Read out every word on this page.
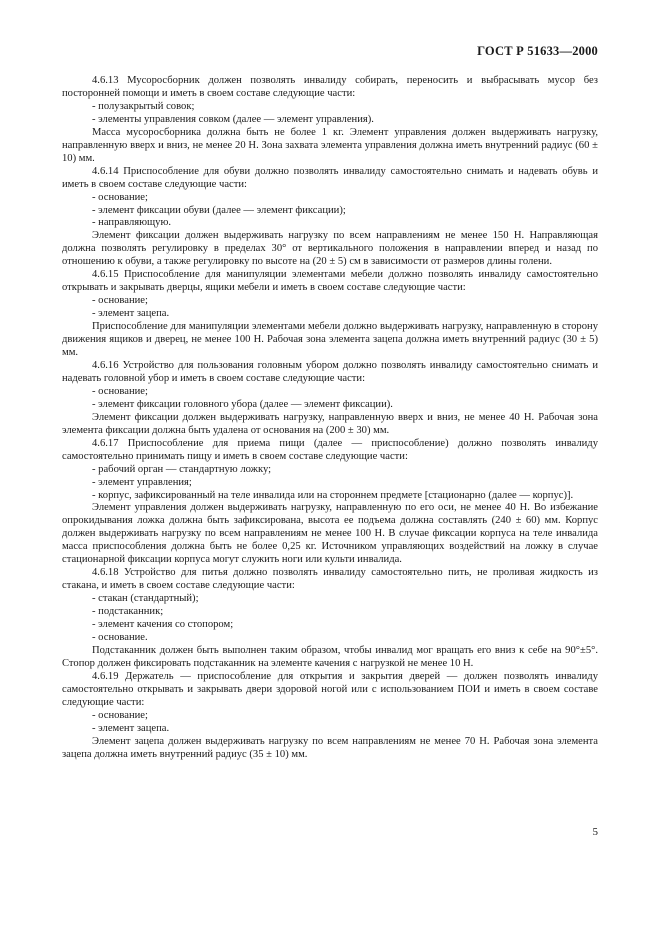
ГОСТ Р 51633—2000

4.6.13 Мусоросборник должен позволять инвалиду собирать, переносить и выбрасывать мусор без посторонней помощи и иметь в своем составе следующие части:

- полузакрытый совок;

- элементы управления совком (далее — элемент управления).

Масса мусоросборника должна быть не более 1 кг. Элемент управления должен выдерживать нагрузку, направленную вверх и вниз, не менее 20 Н. Зона захвата элемента управления должна иметь внутренний радиус (60 ± 10) мм.

4.6.14 Приспособление для обуви должно позволять инвалиду самостоятельно снимать и надевать обувь и иметь в своем составе следующие части:

- основание;

- элемент фиксации обуви (далее — элемент фиксации);

- направляющую.

Элемент фиксации должен выдерживать нагрузку по всем направлениям не менее 150 Н. Направляющая должна позволять регулировку в пределах 30° от вертикального положения в направлении вперед и назад по отношению к обуви, а также регулировку по высоте на (20 ± 5) см в зависимости от размеров длины голени.

4.6.15 Приспособление для манипуляции элементами мебели должно позволять инвалиду самостоятельно открывать и закрывать дверцы, ящики мебели и иметь в своем составе следующие части:

- основание;

- элемент зацепа.

Приспособление для манипуляции элементами мебели должно выдерживать нагрузку, направленную в сторону движения ящиков и дверец, не менее 100 Н. Рабочая зона элемента зацепа должна иметь внутренний радиус (30 ± 5) мм.

4.6.16 Устройство для пользования головным убором должно позволять инвалиду самостоятельно снимать и надевать головной убор и иметь в своем составе следующие части:

- основание;

- элемент фиксации головного убора (далее — элемент фиксации).

Элемент фиксации должен выдерживать нагрузку, направленную вверх и вниз, не менее 40 Н. Рабочая зона элемента фиксации должна быть удалена от основания на (200 ± 30) мм.

4.6.17 Приспособление для приема пищи (далее — приспособление) должно позволять инвалиду самостоятельно принимать пищу и иметь в своем составе следующие части:

- рабочий орган — стандартную ложку;

- элемент управления;

- корпус, зафиксированный на теле инвалида или на стороннем предмете [стационарно (далее — корпус)].

Элемент управления должен выдерживать нагрузку, направленную по его оси, не менее 40 Н. Во избежание опрокидывания ложка должна быть зафиксирована, высота ее подъема должна составлять (240 ± 60) мм. Корпус должен выдерживать нагрузку по всем направлениям не менее 100 Н. В случае фиксации корпуса на теле инвалида масса приспособления должна быть не более 0,25 кг. Источником управляющих воздействий на ложку в случае стационарной фиксации корпуса могут служить ноги или культи инвалида.

4.6.18 Устройство для питья должно позволять инвалиду самостоятельно пить, не проливая жидкость из стакана, и иметь в своем составе следующие части:

- стакан (стандартный);

- подстаканник;

- элемент качения со стопором;

- основание.

Подстаканник должен быть выполнен таким образом, чтобы инвалид мог вращать его вниз к себе на 90°±5°. Стопор должен фиксировать подстаканник на элементе качения с нагрузкой не менее 10 Н.

4.6.19 Держатель — приспособление для открытия и закрытия дверей — должен позволять инвалиду самостоятельно открывать и закрывать двери здоровой ногой или с использованием ПОИ и иметь в своем составе следующие части:

- основание;

- элемент зацепа.

Элемент зацепа должен выдерживать нагрузку по всем направлениям не менее 70 Н. Рабочая зона элемента зацепа должна иметь внутренний радиус (35 ± 10) мм.

5
